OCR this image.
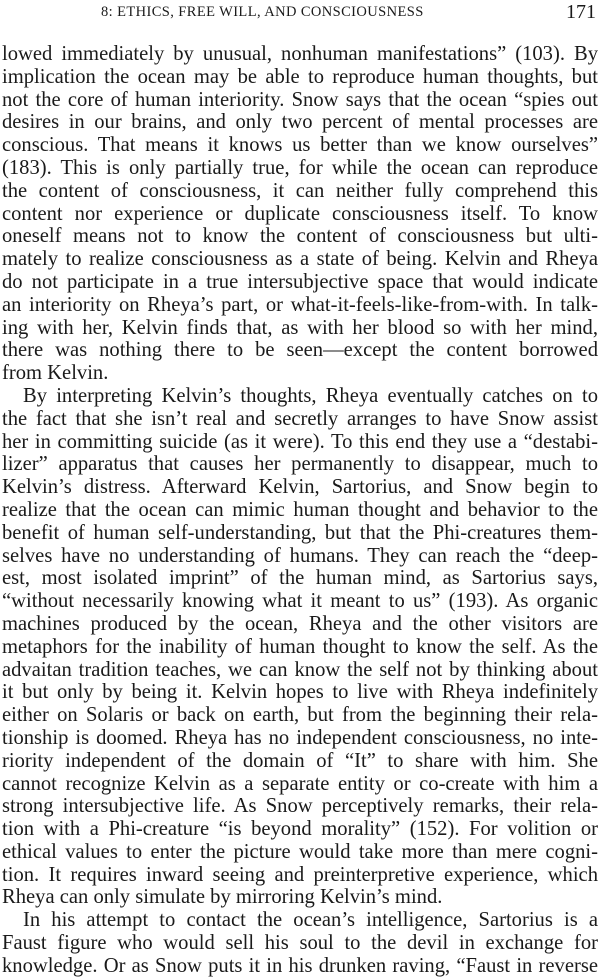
8: ETHICS, FREE WILL, AND CONSCIOUSNESS	171
lowed immediately by unusual, nonhuman manifestations” (103). By
implication the ocean may be able to reproduce human thoughts, but
not the core of human interiority. Snow says that the ocean “spies out
desires in our brains, and only two percent of mental processes are
conscious. That means it knows us better than we know ourselves”
(183). This is only partially true, for while the ocean can reproduce
the content of consciousness, it can neither fully comprehend this
content nor experience or duplicate consciousness itself. To know
oneself means not to know the content of consciousness but ulti-
mately to realize consciousness as a state of being. Kelvin and Rheya
do not participate in a true intersubjective space that would indicate
an interiority on Rheya’s part, or what-it-feels-like-from-with. In talk-
ing with her, Kelvin finds that, as with her blood so with her mind,
there was nothing there to be seen—except the content borrowed
from Kelvin.
By interpreting Kelvin’s thoughts, Rheya eventually catches on to
the fact that she isn’t real and secretly arranges to have Snow assist
her in committing suicide (as it were). To this end they use a “destabi-
lizer” apparatus that causes her permanently to disappear, much to
Kelvin’s distress. Afterward Kelvin, Sartorius, and Snow begin to
realize that the ocean can mimic human thought and behavior to the
benefit of human self-understanding, but that the Phi-creatures them-
selves have no understanding of humans. They can reach the “deep-
est, most isolated imprint” of the human mind, as Sartorius says,
“without necessarily knowing what it meant to us” (193). As organic
machines produced by the ocean, Rheya and the other visitors are
metaphors for the inability of human thought to know the self. As the
advaitan tradition teaches, we can know the self not by thinking about
it but only by being it. Kelvin hopes to live with Rheya indefinitely
either on Solaris or back on earth, but from the beginning their rela-
tionship is doomed. Rheya has no independent consciousness, no inte-
riority independent of the domain of “It” to share with him. She
cannot recognize Kelvin as a separate entity or co-create with him a
strong intersubjective life. As Snow perceptively remarks, their rela-
tion with a Phi-creature “is beyond morality” (152). For volition or
ethical values to enter the picture would take more than mere cogni-
tion. It requires inward seeing and preinterpretive experience, which
Rheya can only simulate by mirroring Kelvin’s mind.
In his attempt to contact the ocean’s intelligence, Sartorius is a
Faust figure who would sell his soul to the devil in exchange for
knowledge. Or as Snow puts it in his drunken raving, “Faust in reverse
